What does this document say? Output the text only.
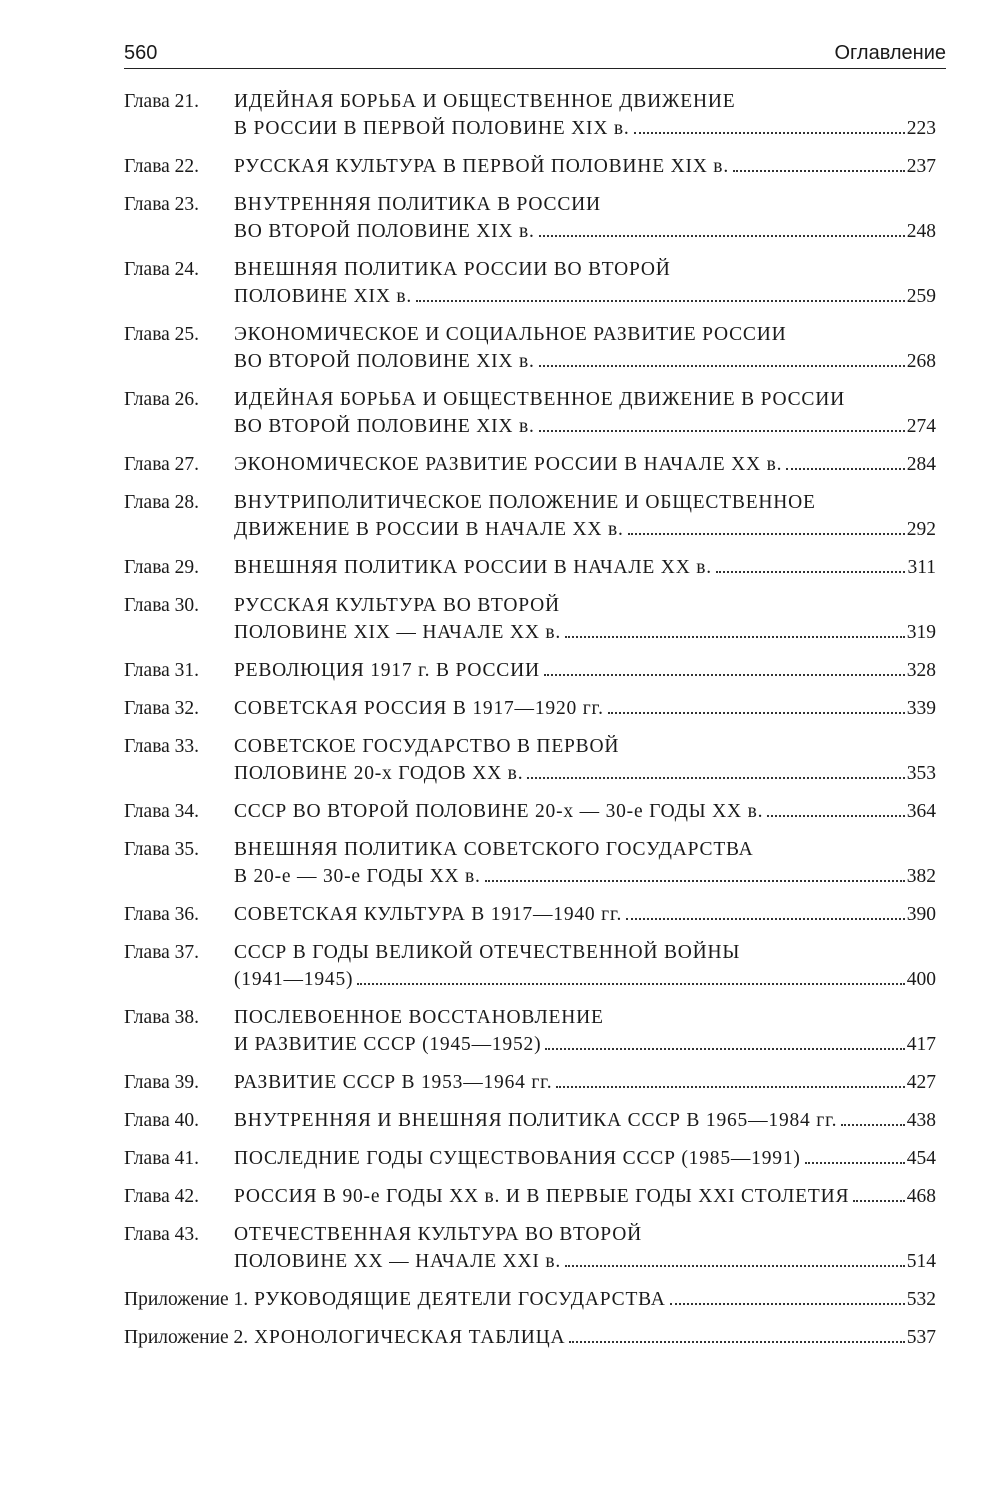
560	Оглавление
Глава 21. ИДЕЙНАЯ БОРЬБА И ОБЩЕСТВЕННОЕ ДВИЖЕНИЕ
В РОССИИ В ПЕРВОЙ ПОЛОВИНЕ XIX в.	223
Глава 22. РУССКАЯ КУЛЬТУРА В ПЕРВОЙ ПОЛОВИНЕ XIX в.	237
Глава 23. ВНУТРЕННЯЯ ПОЛИТИКА В РОССИИ
ВО ВТОРОЙ ПОЛОВИНЕ XIX в.	248
Глава 24. ВНЕШНЯЯ ПОЛИТИКА РОССИИ ВО ВТОРОЙ
ПОЛОВИНЕ XIX в.	259
Глава 25. ЭКОНОМИЧЕСКОЕ И СОЦИАЛЬНОЕ РАЗВИТИЕ РОССИИ
ВО ВТОРОЙ ПОЛОВИНЕ XIX в.	268
Глава 26. ИДЕЙНАЯ БОРЬБА И ОБЩЕСТВЕННОЕ ДВИЖЕНИЕ В РОССИИ
ВО ВТОРОЙ ПОЛОВИНЕ XIX в.	274
Глава 27. ЭКОНОМИЧЕСКОЕ РАЗВИТИЕ РОССИИ В НАЧАЛЕ XX в.	284
Глава 28. ВНУТРИПОЛИТИЧЕСКОЕ ПОЛОЖЕНИЕ И ОБЩЕСТВЕННОЕ
ДВИЖЕНИЕ В РОССИИ В НАЧАЛЕ XX в.	292
Глава 29. ВНЕШНЯЯ ПОЛИТИКА РОССИИ В НАЧАЛЕ XX в.	311
Глава 30. РУССКАЯ КУЛЬТУРА ВО ВТОРОЙ
ПОЛОВИНЕ XIX — НАЧАЛЕ XX в.	319
Глава 31. РЕВОЛЮЦИЯ 1917 г. В РОССИИ	328
Глава 32. СОВЕТСКАЯ РОССИЯ В 1917—1920 гг.	339
Глава 33. СОВЕТСКОЕ ГОСУДАРСТВО В ПЕРВОЙ
ПОЛОВИНЕ 20-х ГОДОВ XX в.	353
Глава 34. СССР ВО ВТОРОЙ ПОЛОВИНЕ 20-х — 30-е ГОДЫ XX в.	364
Глава 35. ВНЕШНЯЯ ПОЛИТИКА СОВЕТСКОГО ГОСУДАРСТВА
В 20-е — 30-е ГОДЫ XX в.	382
Глава 36. СОВЕТСКАЯ КУЛЬТУРА В 1917—1940 гг.	390
Глава 37. СССР В ГОДЫ ВЕЛИКОЙ ОТЕЧЕСТВЕННОЙ ВОЙНЫ
(1941—1945)	400
Глава 38. ПОСЛЕВОЕННОЕ ВОССТАНОВЛЕНИЕ
И РАЗВИТИЕ СССР (1945—1952)	417
Глава 39. РАЗВИТИЕ СССР В 1953—1964 гг.	427
Глава 40. ВНУТРЕННЯЯ И ВНЕШНЯЯ ПОЛИТИКА СССР В 1965—1984 гг.	438
Глава 41. ПОСЛЕДНИЕ ГОДЫ СУЩЕСТВОВАНИЯ СССР (1985—1991)	454
Глава 42. РОССИЯ В 90-е ГОДЫ XX в. И В ПЕРВЫЕ ГОДЫ XXI СТОЛЕТИЯ	468
Глава 43. ОТЕЧЕСТВЕННАЯ КУЛЬТУРА ВО ВТОРОЙ
ПОЛОВИНЕ XX — НАЧАЛЕ XXI в.	514
Приложение 1. РУКОВОДЯЩИЕ ДЕЯТЕЛИ ГОСУДАРСТВА	532
Приложение 2. ХРОНОЛОГИЧЕСКАЯ ТАБЛИЦА	537
